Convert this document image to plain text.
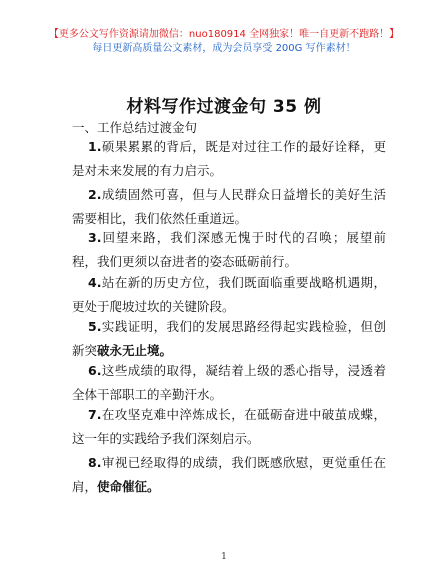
【更多公文写作资源请加微信：nuo180914 全网独家！唯一自更新不跑路！】
每日更新高质量公文素材，成为会员享受 200G 写作素材！
材料写作过渡金句 35 例
一、工作总结过渡金句
1.硕果累累的背后，既是对过往工作的最好诠释，更是对未来发展的有力启示。
2.成绩固然可喜，但与人民群众日益增长的美好生活需要相比，我们依然任重道远。
3.回望来路，我们深感无愧于时代的召唤；展望前程，我们更须以奋进者的姿态砥砺前行。
4.站在新的历史方位，我们既面临重要战略机遇期，更处于爬坡过坎的关键阶段。
5.实践证明，我们的发展思路经得起实践检验，但创新突破永无止境。
6.这些成绩的取得，凝结着上级的悉心指导，浸透着全体干部职工的辛勤汗水。
7.在攻坚克难中淬炼成长，在砥砺奋进中破茧成蝶，这一年的实践给予我们深刻启示。
8.审视已经取得的成绩，我们既感欣慰，更觉重任在肩，使命催征。
1
